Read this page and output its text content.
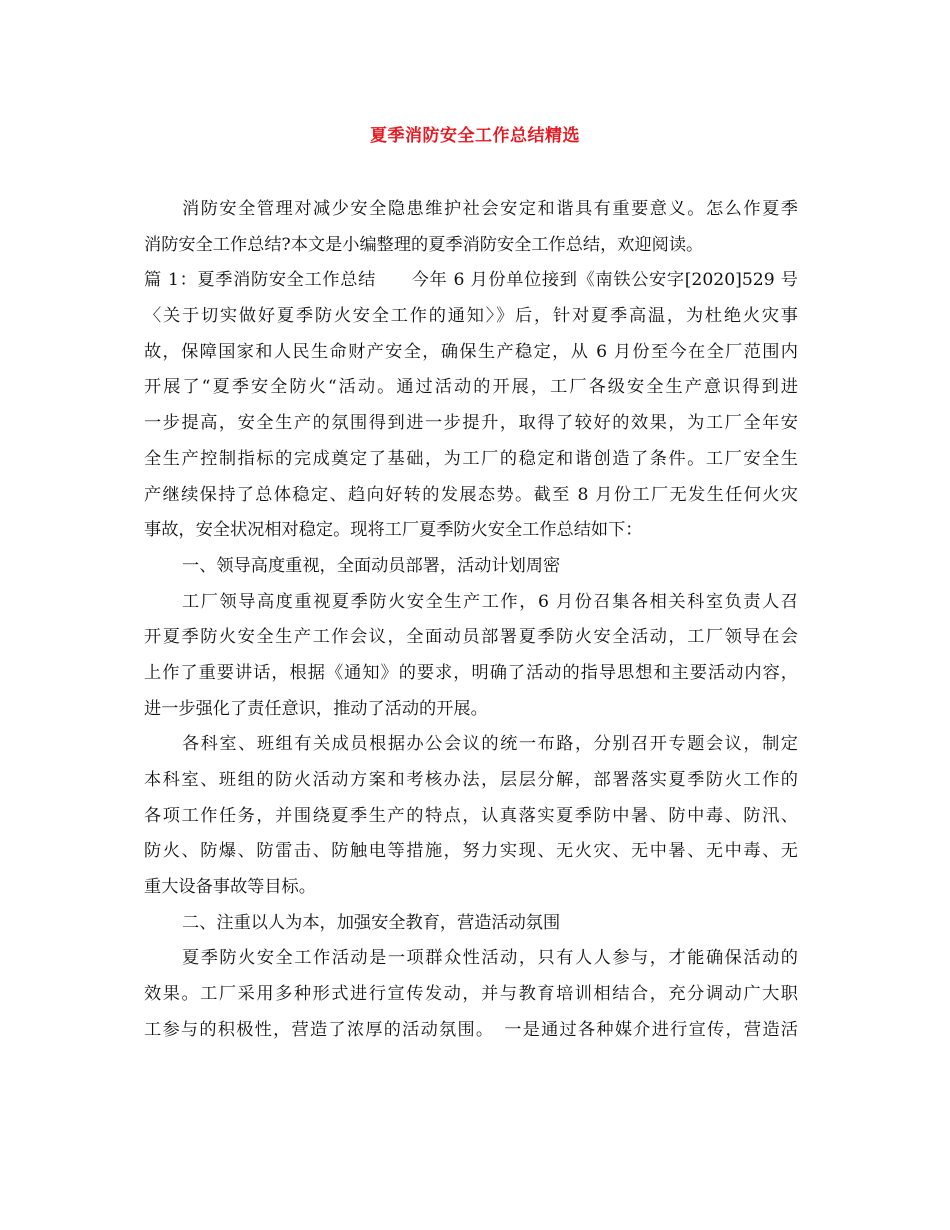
夏季消防安全工作总结精选
消防安全管理对减少安全隐患维护社会安定和谐具有重要意义。怎么作夏季
消防安全工作总结?本文是小编整理的夏季消防安全工作总结，欢迎阅读。
篇 1：夏季消防安全工作总结　　今年 6 月份单位接到《南铁公安字[2020]529 号
〈关于切实做好夏季防火安全工作的通知〉》后，针对夏季高温，为杜绝火灾事
故，保障国家和人民生命财产安全，确保生产稳定，从 6 月份至今在全厂范围内
开展了“夏季安全防火“活动。通过活动的开展，工厂各级安全生产意识得到进
一步提高，安全生产的氛围得到进一步提升，取得了较好的效果，为工厂全年安
全生产控制指标的完成奠定了基础，为工厂的稳定和谐创造了条件。工厂安全生
产继续保持了总体稳定、趋向好转的发展态势。截至 8 月份工厂无发生任何火灾
事故，安全状况相对稳定。现将工厂夏季防火安全工作总结如下：
一、领导高度重视，全面动员部署，活动计划周密
工厂领导高度重视夏季防火安全生产工作，6 月份召集各相关科室负责人召
开夏季防火安全生产工作会议，全面动员部署夏季防火安全活动，工厂领导在会
上作了重要讲话，根据《通知》的要求，明确了活动的指导思想和主要活动内容，
进一步强化了责任意识，推动了活动的开展。
各科室、班组有关成员根据办公会议的统一布路，分别召开专题会议，制定
本科室、班组的防火活动方案和考核办法，层层分解，部署落实夏季防火工作的
各项工作任务，并围绕夏季生产的特点，认真落实夏季防中暑、防中毒、防汛、
防火、防爆、防雷击、防触电等措施，努力实现、无火灾、无中暑、无中毒、无
重大设备事故等目标。
二、注重以人为本，加强安全教育，营造活动氛围
夏季防火安全工作活动是一项群众性活动，只有人人参与，才能确保活动的
效果。工厂采用多种形式进行宣传发动，并与教育培训相结合，充分调动广大职
工参与的积极性，营造了浓厚的活动氛围。　一是通过各种媒介进行宣传，营造活
